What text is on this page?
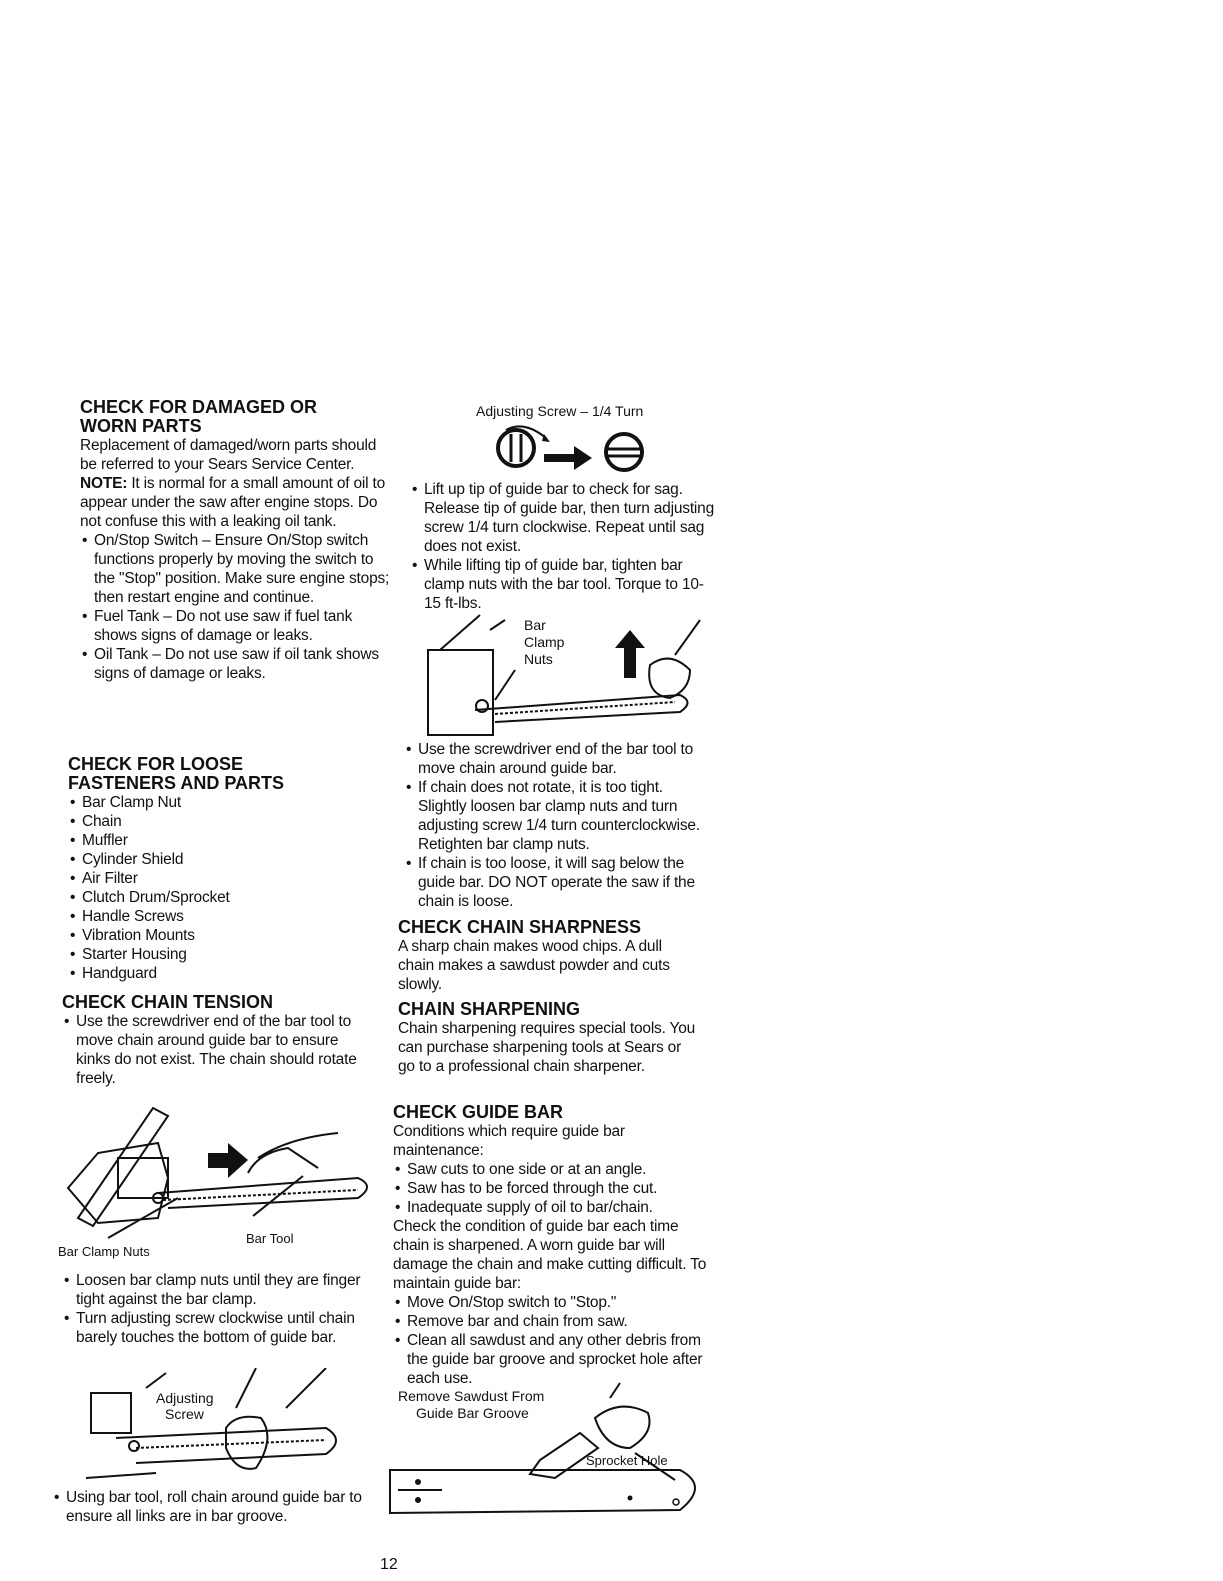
CHECK FOR DAMAGED OR
WORN PARTS

Replacement of damaged/worn parts should be referred to your Sears Service Center.

NOTE: It is normal for a small amount of oil to appear under the saw after engine stops. Do not confuse this with a leaking oil tank.

• On/Stop Switch – Ensure On/Stop switch functions properly by moving the switch to the "Stop" position. Make sure engine stops; then restart engine and continue.
• Fuel Tank – Do not use saw if fuel tank shows signs of damage or leaks.
• Oil Tank – Do not use saw if oil tank shows signs of damage or leaks.
CHECK FOR LOOSE
FASTENERS AND PARTS
• Bar Clamp Nut
• Chain
• Muffler
• Cylinder Shield
• Air Filter
• Clutch Drum/Sprocket
• Handle Screws
• Vibration Mounts
• Starter Housing
• Handguard
CHECK CHAIN TENSION
• Use the screwdriver end of the bar tool to move chain around guide bar to ensure kinks do not exist. The chain should rotate freely.
Bar Clamp Nuts
Bar Tool
• Loosen bar clamp nuts until they are finger tight against the bar clamp.
• Turn adjusting screw clockwise until chain barely touches the bottom of guide bar.
Adjusting
Screw
• Using bar tool, roll chain around guide bar to ensure all links are in bar groove.
Adjusting Screw – 1/4 Turn
• Lift up tip of guide bar to check for sag. Release tip of guide bar, then turn adjusting screw 1/4 turn clockwise. Repeat until sag does not exist.
• While lifting tip of guide bar, tighten bar clamp nuts with the bar tool. Torque to 10-15 ft-lbs.
Bar
Clamp
Nuts
• Use the screwdriver end of the bar tool to move chain around guide bar.
• If chain does not rotate, it is too tight. Slightly loosen bar clamp nuts and turn adjusting screw 1/4 turn counterclockwise. Retighten bar clamp nuts.
• If chain is too loose, it will sag below the guide bar. DO NOT operate the saw if the chain is loose.
CHECK CHAIN SHARPNESS

A sharp chain makes wood chips. A dull chain makes a sawdust powder and cuts slowly.

CHAIN SHARPENING

Chain sharpening requires special tools. You can purchase sharpening tools at Sears or go to a professional chain sharpener.

CHECK GUIDE BAR

Conditions which require guide bar maintenance:

• Saw cuts to one side or at an angle.
• Saw has to be forced through the cut.
• Inadequate supply of oil to bar/chain.

Check the condition of guide bar each time chain is sharpened. A worn guide bar will damage the chain and make cutting difficult. To maintain guide bar:

• Move On/Stop switch to "Stop."
• Remove bar and chain from saw.
• Clean all sawdust and any other debris from the guide bar groove and sprocket hole after each use.
Remove Sawdust From
Guide Bar Groove
Sprocket Hole
12
